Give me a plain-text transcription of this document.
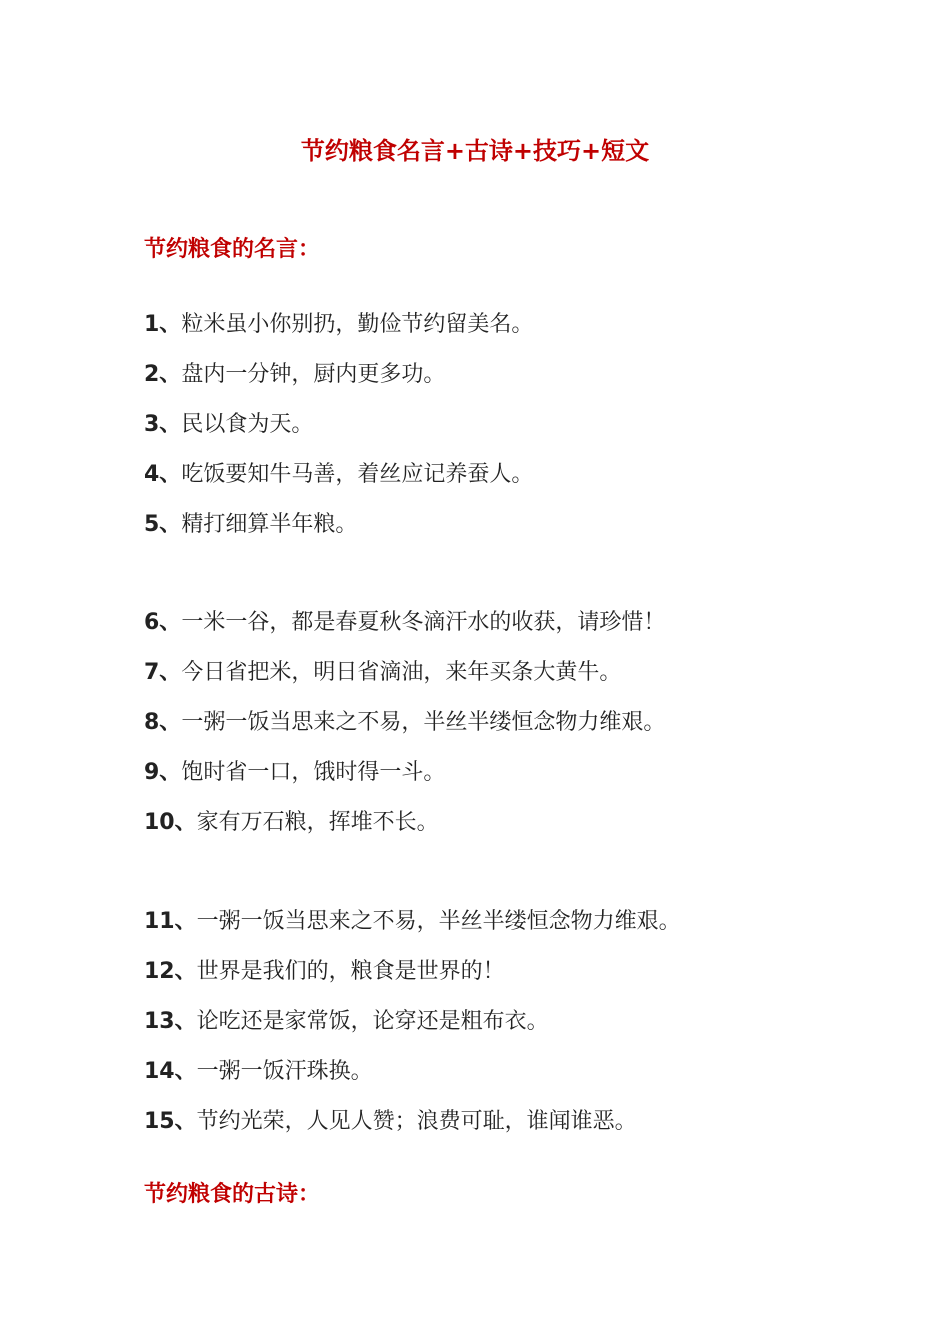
节约粮食名言+古诗+技巧+短文
节约粮食的名言：
1、粒米虽小你别扔，勤俭节约留美名。
2、盘内一分钟，厨内更多功。
3、民以食为天。
4、吃饭要知牛马善，着丝应记养蚕人。
5、精打细算半年粮。
6、一米一谷，都是春夏秋冬滴汗水的收获，请珍惜！
7、今日省把米，明日省滴油，来年买条大黄牛。
8、一粥一饭当思来之不易，半丝半缕恒念物力维艰。
9、饱时省一口，饿时得一斗。
10、家有万石粮，挥堆不长。
11、一粥一饭当思来之不易，半丝半缕恒念物力维艰。
12、世界是我们的，粮食是世界的！
13、论吃还是家常饭，论穿还是粗布衣。
14、一粥一饭汗珠换。
15、节约光荣，人见人赞；浪费可耻，谁闻谁恶。
节约粮食的古诗：
